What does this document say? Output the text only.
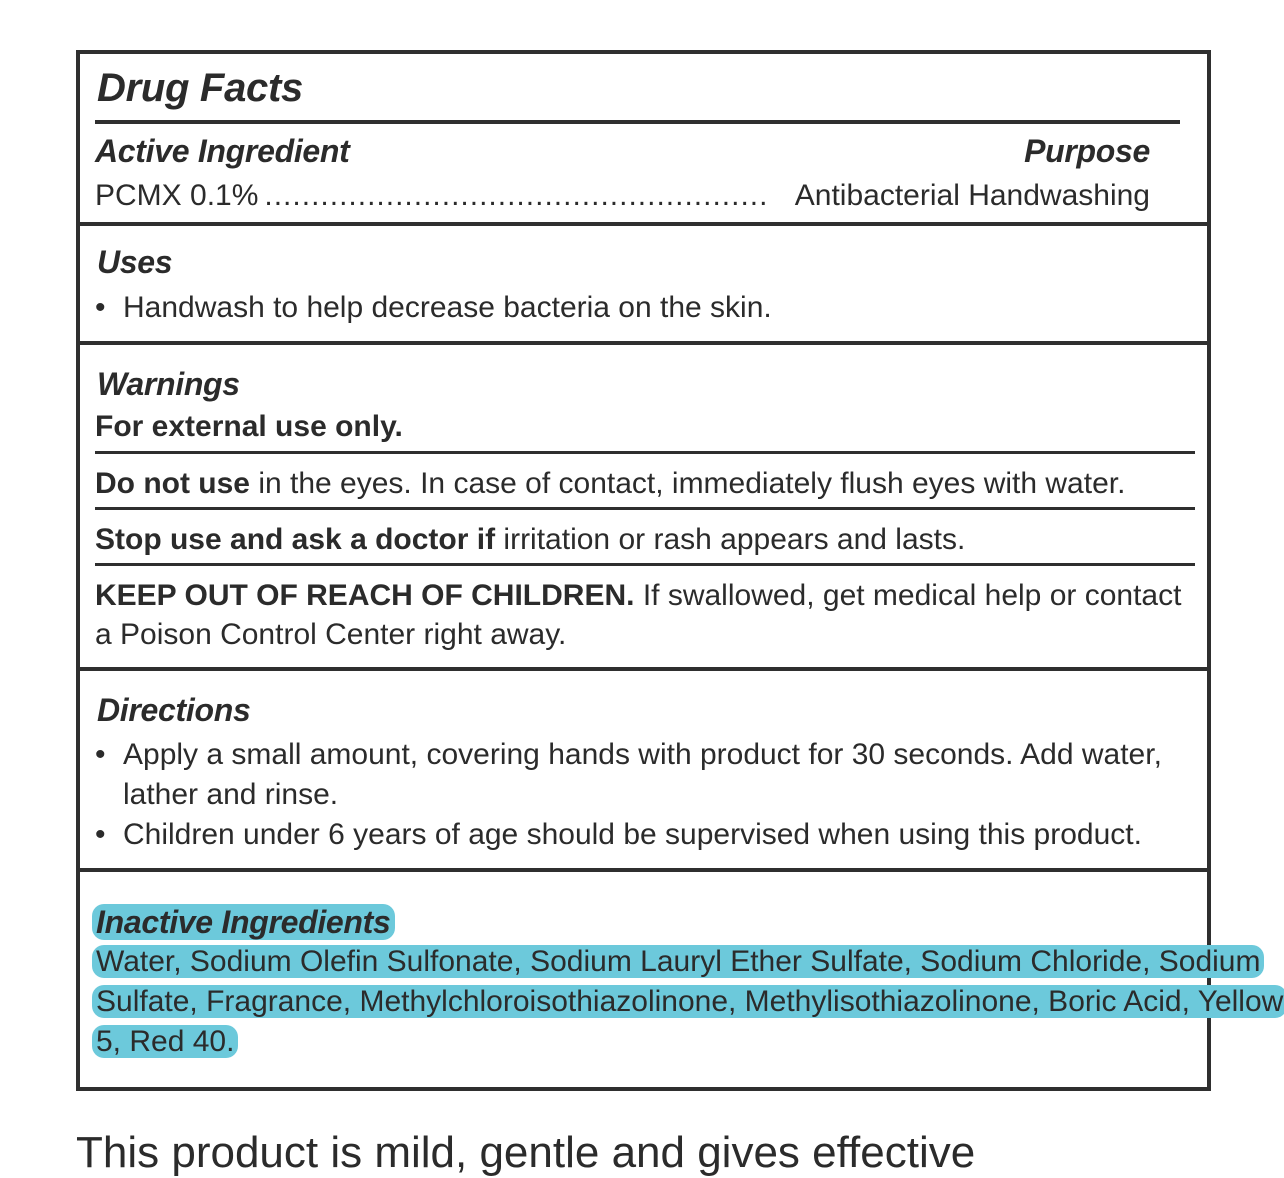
Drug Facts
Active Ingredient	Purpose
PCMX 0.1% ...................................................... Antibacterial Handwashing
Uses
• Handwash to help decrease bacteria on the skin.
Warnings
For external use only.
Do not use in the eyes. In case of contact, immediately flush eyes with water.
Stop use and ask a doctor if irritation or rash appears and lasts.
KEEP OUT OF REACH OF CHILDREN. If swallowed, get medical help or contact
a Poison Control Center right away.
Directions
• Apply a small amount, covering hands with product for 30 seconds. Add water,
lather and rinse.
• Children under 6 years of age should be supervised when using this product.
Inactive Ingredients
Water, Sodium Olefin Sulfonate, Sodium Lauryl Ether Sulfate, Sodium Chloride, Sodium
Sulfate, Fragrance, Methylchloroisothiazolinone, Methylisothiazolinone, Boric Acid, Yellow
5, Red 40.
This product is mild, gentle and gives effective
